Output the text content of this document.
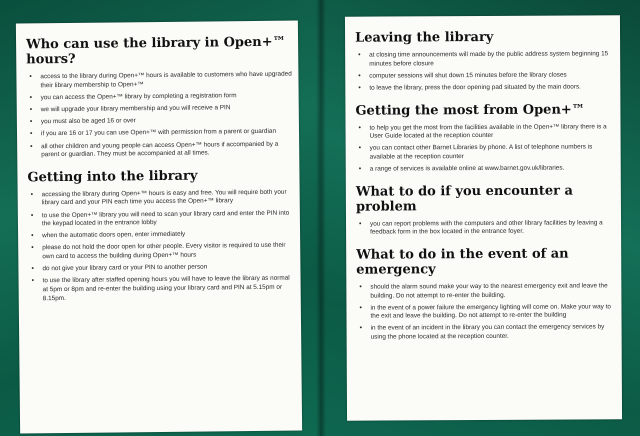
Who can use the library in Open+™ hours?
• access to the library during Open+™ hours is available to customers who have upgraded their library membership to Open+™
• you can access the Open+™ library by completing a registration form
• we will upgrade your library membership and you will receive a PIN
• you must also be aged 16 or over
• if you are 16 or 17 you can use Open+™ with permission from a parent or guardian
• all other children and young people can access Open+™ hours if accompanied by a parent or guardian. They must be accompanied at all times.
Getting into the library
• accessing the library during Open+™ hours is easy and free. You will require both your library card and your PIN each time you access the Open+™ library
• to use the Open+™ library you will need to scan your library card and enter the PIN into the keypad located in the entrance lobby
• when the automatic doors open, enter immediately
• please do not hold the door open for other people. Every visitor is required to use their own card to access the building during Open+™ hours
• do not give your library card or your PIN to another person
• to use the library after staffed opening hours you will have to leave the library as normal at 5pm or 8pm and re-enter the building using your library card and PIN at 5.15pm or 8.15pm.
Leaving the library
• at closing time announcements will made by the public address system beginning 15 minutes before closure
• computer sessions will shut down 15 minutes before the library closes
• to leave the library, press the door opening pad situated by the main doors.
Getting the most from Open+™
• to help you get the most from the facilities available in the Open+™ library there is a User Guide located at the reception counter
• you can contact other Barnet Libraries by phone. A list of telephone numbers is available at the reception counter
• a range of services is available online at www.barnet.gov.uk/libraries.
What to do if you encounter a problem
• you can report problems with the computers and other library facilities by leaving a feedback form in the box located in the entrance foyer.
What to do in the event of an emergency
• should the alarm sound make your way to the nearest emergency exit and leave the building. Do not attempt to re-enter the building.
• in the event of a power failure the emergency lighting will come on. Make your way to the exit and leave the building. Do not attempt to re-enter the building
• in the event of an incident in the library you can contact the emergency services by using the phone located at the reception counter.
